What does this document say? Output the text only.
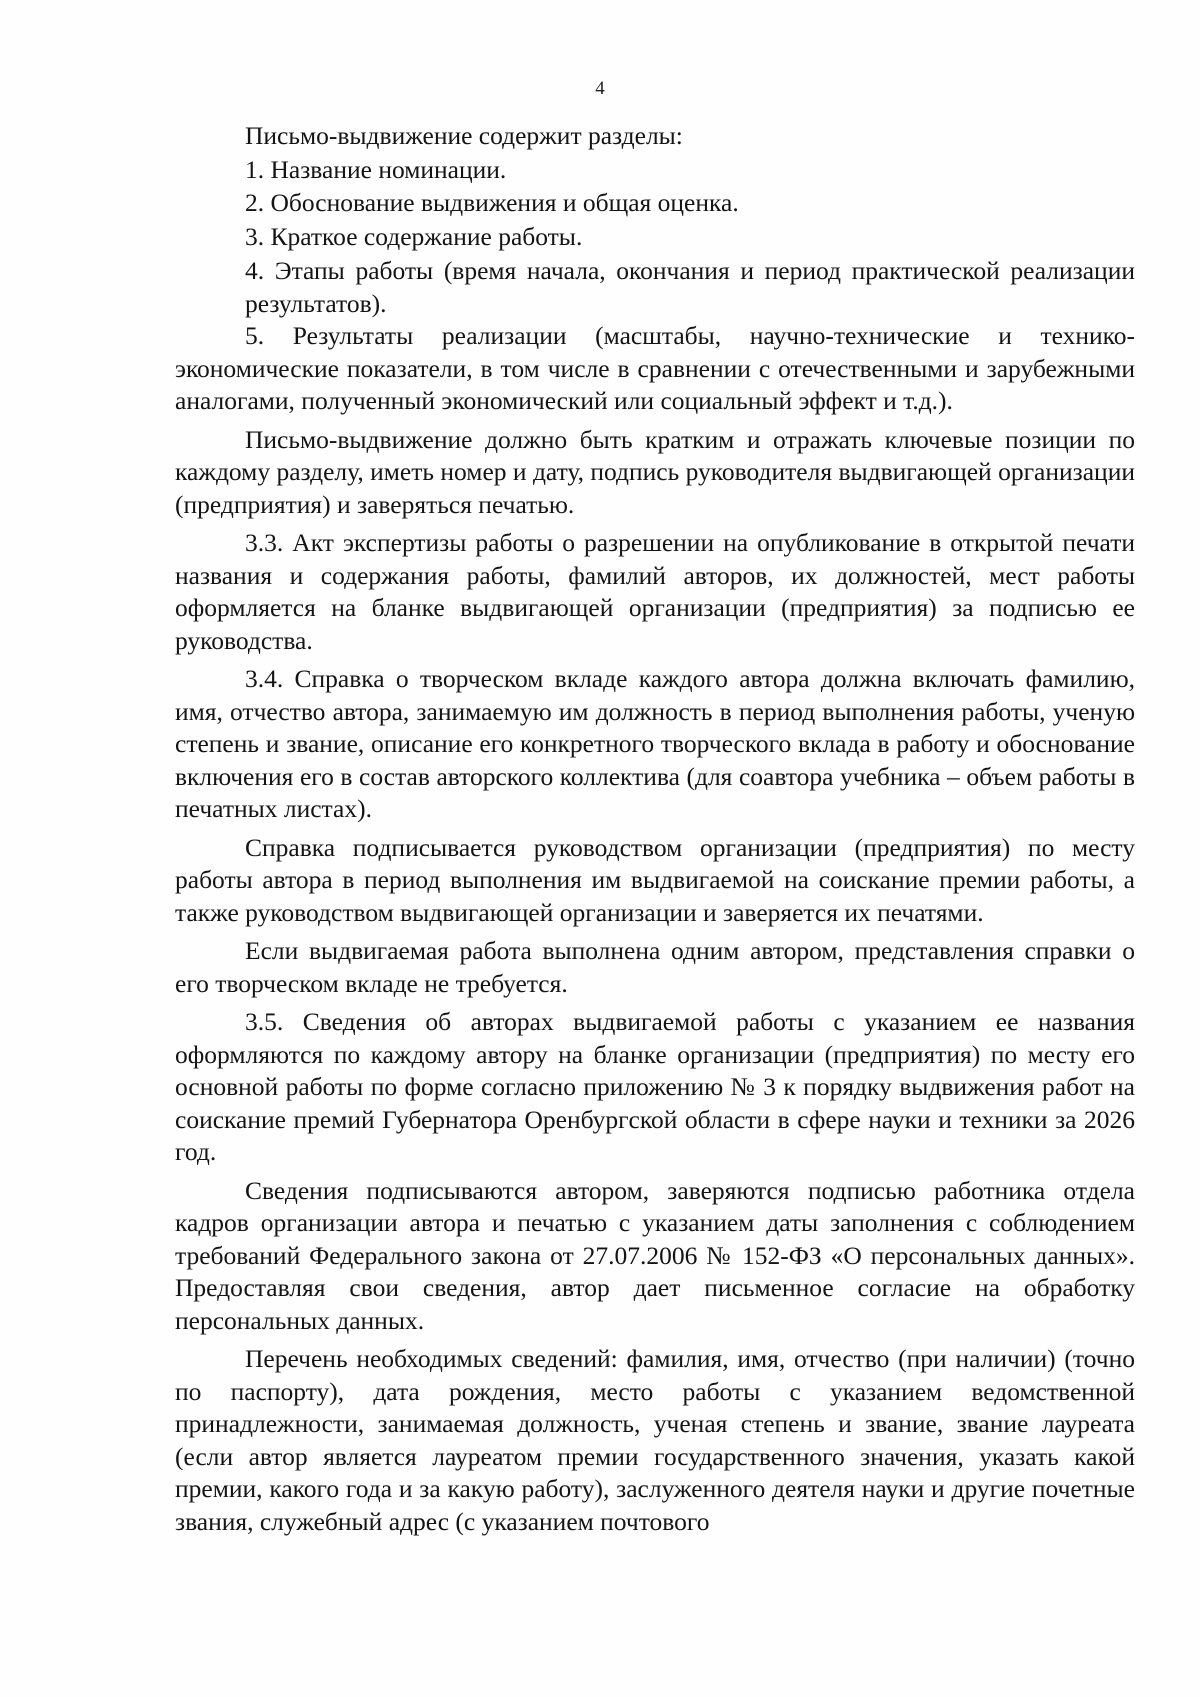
4

Письмо-выдвижение содержит разделы:

1. Название номинации.

2. Обоснование выдвижения и общая оценка.

3. Краткое содержание работы.

4. Этапы работы (время начала, окончания и период практической реализации результатов).

5. Результаты реализации (масштабы, научно-технические и технико-экономические показатели, в том числе в сравнении с отечественными и зарубежными аналогами, полученный экономический или социальный эффект и т.д.).

Письмо-выдвижение должно быть кратким и отражать ключевые позиции по каждому разделу, иметь номер и дату, подпись руководителя выдвигающей организации (предприятия) и заверяться печатью.

3.3. Акт экспертизы работы о разрешении на опубликование в открытой печати названия и содержания работы, фамилий авторов, их должностей, мест работы оформляется на бланке выдвигающей организации (предприятия) за подписью ее руководства.

3.4. Справка о творческом вкладе каждого автора должна включать фамилию, имя, отчество автора, занимаемую им должность в период выполнения работы, ученую степень и звание, описание его конкретного творческого вклада в работу и обоснование включения его в состав авторского коллектива (для соавтора учебника – объем работы в печатных листах).

Справка подписывается руководством организации (предприятия) по месту работы автора в период выполнения им выдвигаемой на соискание премии работы, а также руководством выдвигающей организации и заверяется их печатями.

Если выдвигаемая работа выполнена одним автором, представления справки о его творческом вкладе не требуется.

3.5. Сведения об авторах выдвигаемой работы с указанием ее названия оформляются по каждому автору на бланке организации (предприятия) по месту его основной работы по форме согласно приложению № 3 к порядку выдвижения работ на соискание премий Губернатора Оренбургской области в сфере науки и техники за 2026 год.

Сведения подписываются автором, заверяются подписью работника отдела кадров организации автора и печатью с указанием даты заполнения с соблюдением требований Федерального закона от 27.07.2006 № 152-ФЗ «О персональных данных». Предоставляя свои сведения, автор дает письменное согласие на обработку персональных данных.

Перечень необходимых сведений: фамилия, имя, отчество (при наличии) (точно по паспорту), дата рождения, место работы с указанием ведомственной принадлежности, занимаемая должность, ученая степень и звание, звание лауреата (если автор является лауреатом премии государственного значения, указать какой премии, какого года и за какую работу), заслуженного деятеля науки и другие почетные звания, служебный адрес (с указанием почтового
